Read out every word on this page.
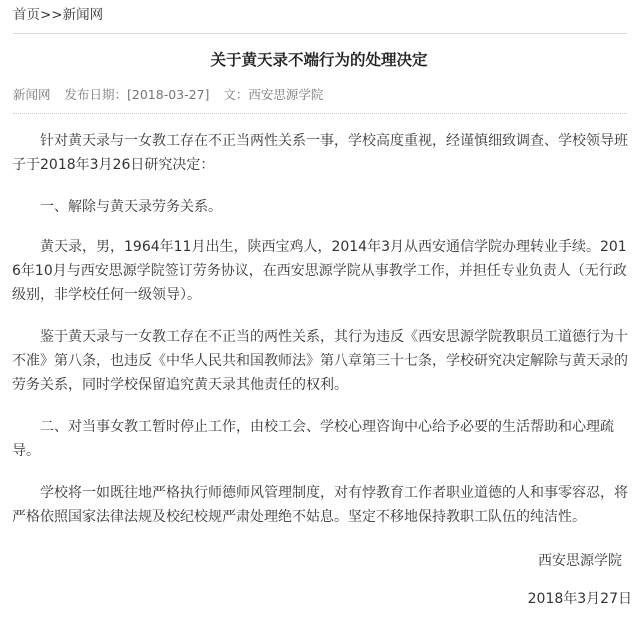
首页>>新闻网
关于黄天录不端行为的处理决定
新闻网 发布日期：[2018-03-27] 文：西安思源学院

针对黄天录与一女教工存在不正当两性关系一事，学校高度重视，经谨慎细致调查、学校领导班子于2018年3月26日研究决定：

一、解除与黄天录劳务关系。

黄天录，男，1964年11月出生，陕西宝鸡人，2014年3月从西安通信学院办理转业手续。2016年10月与西安思源学院签订劳务协议，在西安思源学院从事教学工作，并担任专业负责人（无行政级别，非学校任何一级领导）。

鉴于黄天录与一女教工存在不正当的两性关系，其行为违反《西安思源学院教职员工道德行为十不准》第八条，也违反《中华人民共和国教师法》第八章第三十七条，学校研究决定解除与黄天录的劳务关系，同时学校保留追究黄天录其他责任的权利。

二、对当事女教工暂时停止工作，由校工会、学校心理咨询中心给予必要的生活帮助和心理疏导。

学校将一如既往地严格执行师德师风管理制度，对有悖教育工作者职业道德的人和事零容忍，将严格依照国家法律法规及校纪校规严肃处理绝不姑息。坚定不移地保持教职工队伍的纯洁性。

西安思源学院
2018年3月27日
